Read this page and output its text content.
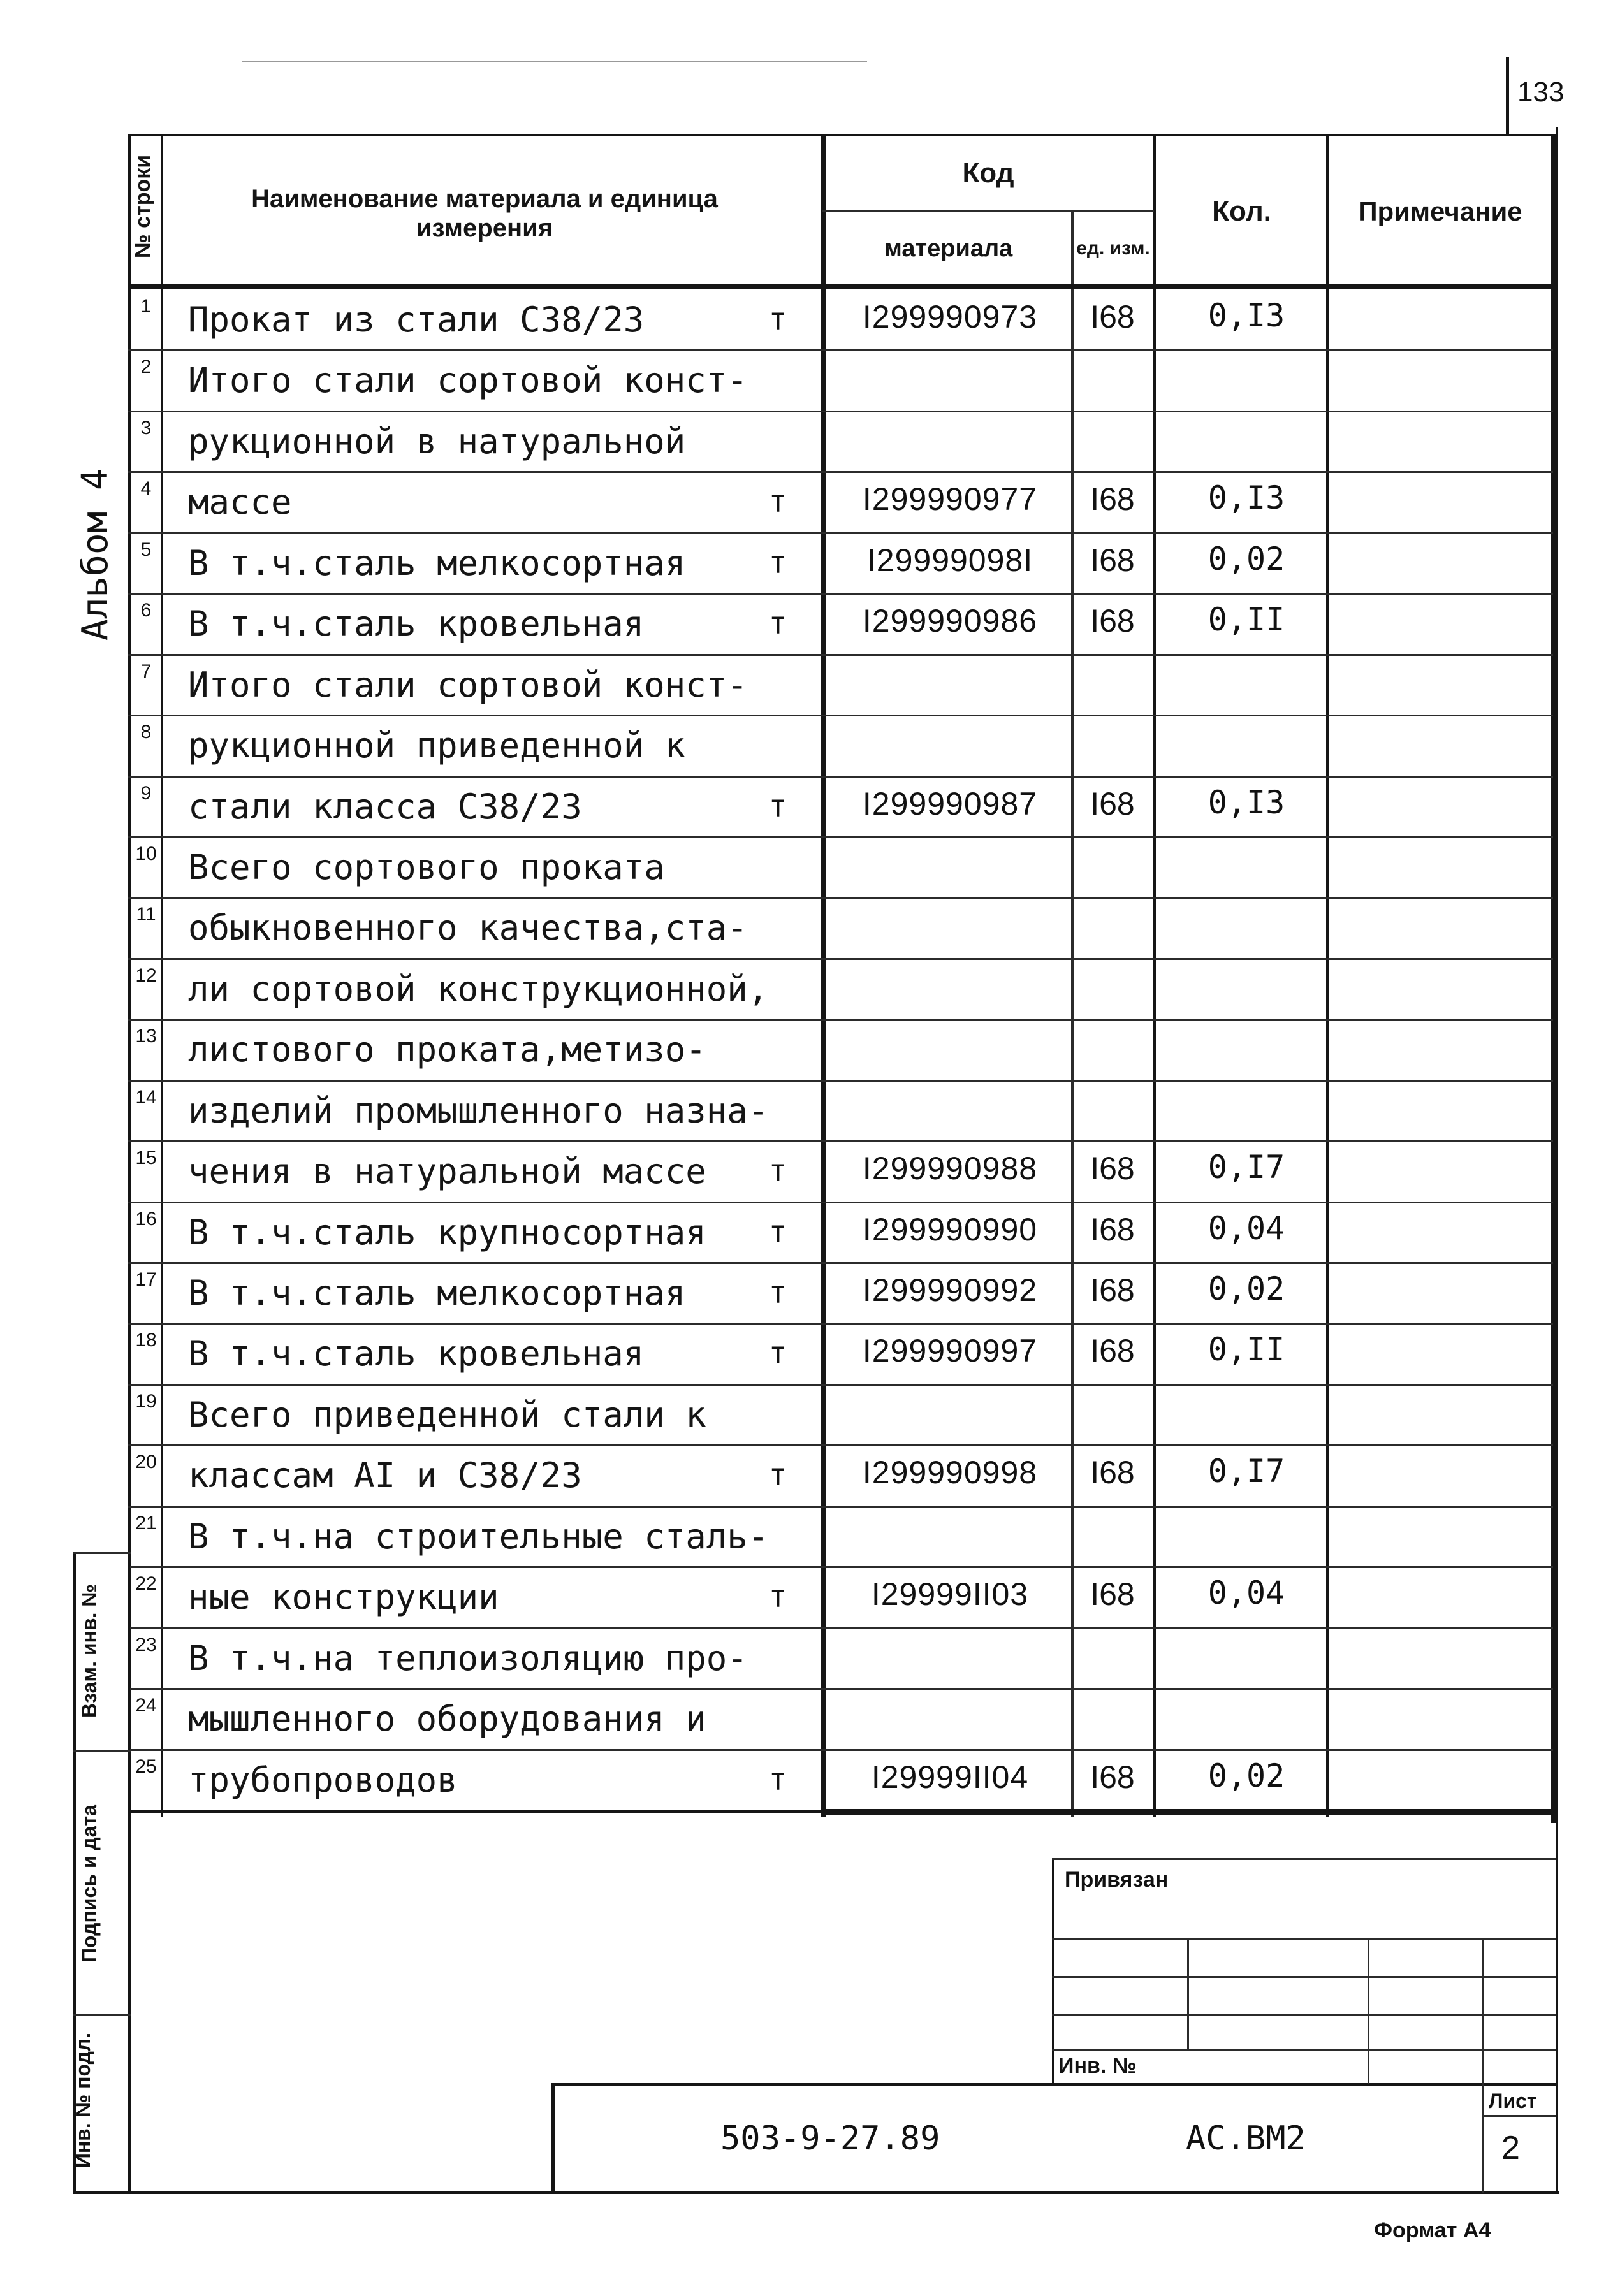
133
Альбом 4
№ строки	Наименование материала и единица измерения
Код
материала	ед. изм.
Кол.	Примечание
1 Прокат из стали С38/23	т	I299990973	I68	0,I3
2 Итого стали сортовой конст-
3 рукционной в натуральной
4 массе	т	I299990977	I68	0,I3
5 В т.ч.сталь мелкосортная	т	I29999098I	I68	0,02
6 В т.ч.сталь кровельная	т	I299990986	I68	0,II
7 Итого стали сортовой конст-
8 рукционной приведенной к
9 стали класса С38/23	т	I299990987	I68	0,I3
10 Всего сортового проката
11 обыкновенного качества,ста-
12 ли сортовой конструкционной,
13 листового проката,метизо-
14 изделий промышленного назна-
15 чения в натуральной массе	т	I299990988	I68	0,I7
16 В т.ч.сталь крупносортная	т	I299990990	I68	0,04
17 В т.ч.сталь мелкосортная	т	I299990992	I68	0,02
18 В т.ч.сталь кровельная	т	I299990997	I68	0,II
19 Всего приведенной стали к
20 классам АI и С38/23	т	I299990998	I68	0,I7
21 В т.ч.на строительные сталь-
22 ные конструкции	т	I29999II03	I68	0,04
23 В т.ч.на теплоизоляцию про-
24 мышленного оборудования и
25 трубопроводов	т	I29999II04	I68	0,02
Взам. инв. №
Подпись и дата
Инв. № подл.
Привязан
Инв. №
503-9-27.89	АС.ВМ2
Лист
2
Формат А4
